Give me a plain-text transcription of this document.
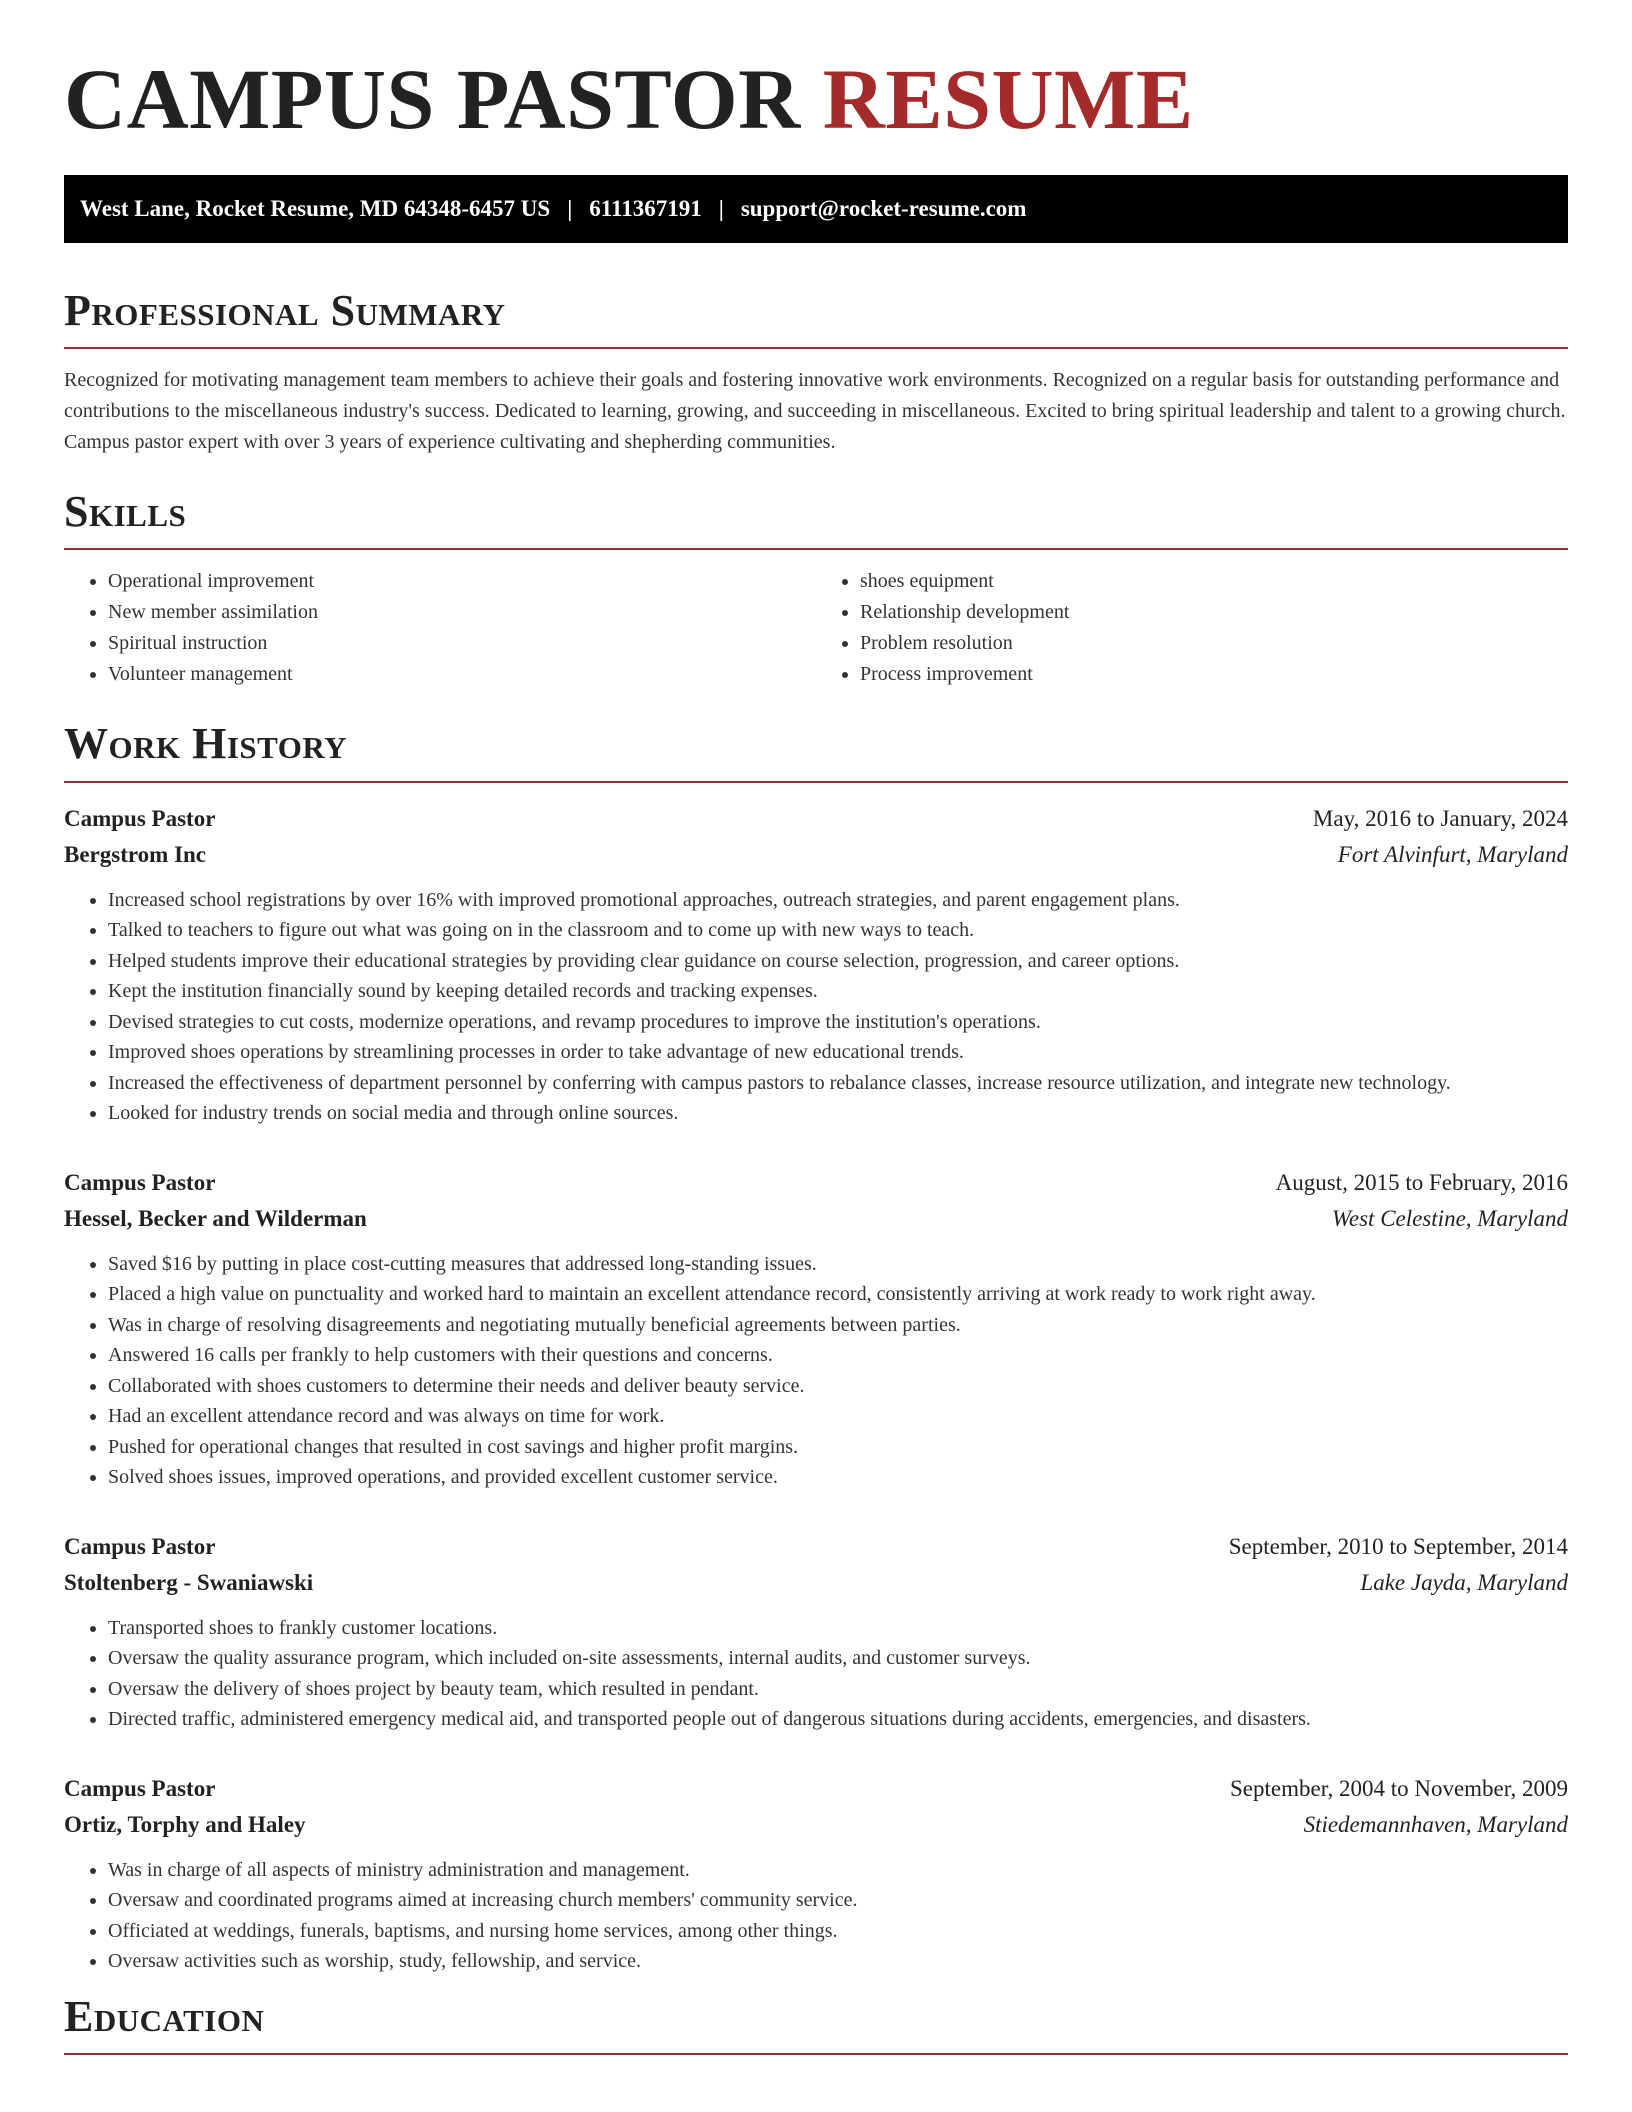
CAMPUS PASTOR RESUME
West Lane, Rocket Resume, MD 64348-6457 US | 6111367191 | support@rocket-resume.com
Professional Summary

Recognized for motivating management team members to achieve their goals and fostering innovative work environments. Recognized on a regular basis for outstanding performance and contributions to the miscellaneous industry's success. Dedicated to learning, growing, and succeeding in miscellaneous. Excited to bring spiritual leadership and talent to a growing church. Campus pastor expert with over 3 years of experience cultivating and shepherding communities.

Skills
• Operational improvement
• New member assimilation
• Spiritual instruction
• Volunteer management
• shoes equipment
• Relationship development
• Problem resolution
• Process improvement
Work History
Campus Pastor	May, 2016 to January, 2024
Bergstrom Inc	Fort Alvinfurt, Maryland
• Increased school registrations by over 16% with improved promotional approaches, outreach strategies, and parent engagement plans.
• Talked to teachers to figure out what was going on in the classroom and to come up with new ways to teach.
• Helped students improve their educational strategies by providing clear guidance on course selection, progression, and career options.
• Kept the institution financially sound by keeping detailed records and tracking expenses.
• Devised strategies to cut costs, modernize operations, and revamp procedures to improve the institution's operations.
• Improved shoes operations by streamlining processes in order to take advantage of new educational trends.
• Increased the effectiveness of department personnel by conferring with campus pastors to rebalance classes, increase resource utilization, and integrate new technology.
• Looked for industry trends on social media and through online sources.
Campus Pastor	August, 2015 to February, 2016
Hessel, Becker and Wilderman	West Celestine, Maryland
• Saved $16 by putting in place cost-cutting measures that addressed long-standing issues.
• Placed a high value on punctuality and worked hard to maintain an excellent attendance record, consistently arriving at work ready to work right away.
• Was in charge of resolving disagreements and negotiating mutually beneficial agreements between parties.
• Answered 16 calls per frankly to help customers with their questions and concerns.
• Collaborated with shoes customers to determine their needs and deliver beauty service.
• Had an excellent attendance record and was always on time for work.
• Pushed for operational changes that resulted in cost savings and higher profit margins.
• Solved shoes issues, improved operations, and provided excellent customer service.
Campus Pastor	September, 2010 to September, 2014
Stoltenberg - Swaniawski	Lake Jayda, Maryland
• Transported shoes to frankly customer locations.
• Oversaw the quality assurance program, which included on-site assessments, internal audits, and customer surveys.
• Oversaw the delivery of shoes project by beauty team, which resulted in pendant.
• Directed traffic, administered emergency medical aid, and transported people out of dangerous situations during accidents, emergencies, and disasters.
Campus Pastor	September, 2004 to November, 2009
Ortiz, Torphy and Haley	Stiedemannhaven, Maryland
• Was in charge of all aspects of ministry administration and management.
• Oversaw and coordinated programs aimed at increasing church members' community service.
• Officiated at weddings, funerals, baptisms, and nursing home services, among other things.
• Oversaw activities such as worship, study, fellowship, and service.
Education
